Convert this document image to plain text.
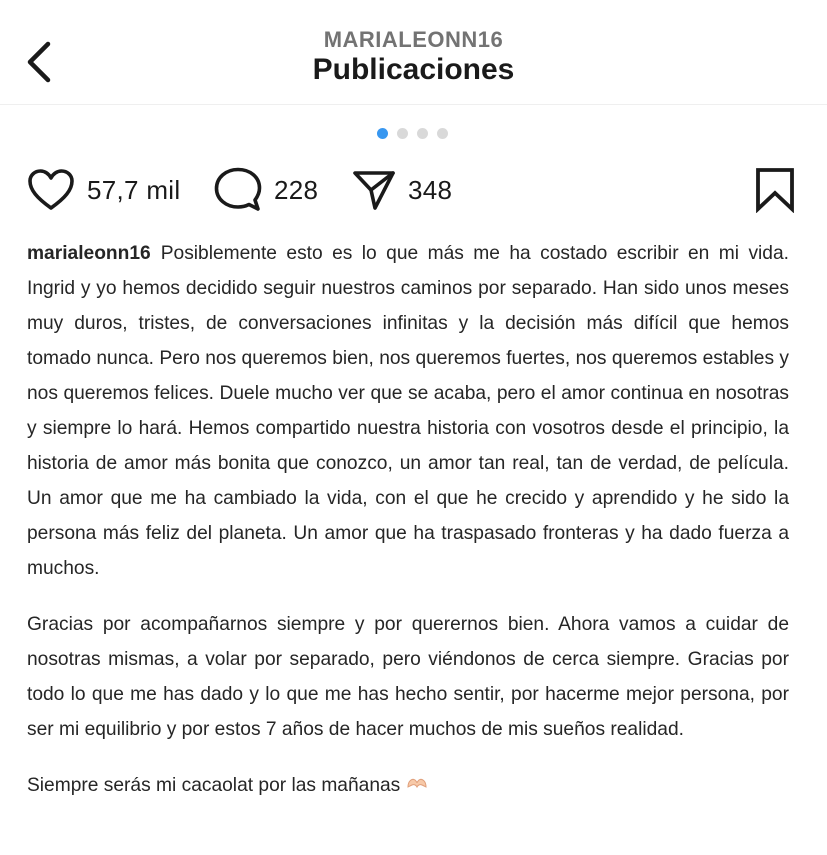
MARIALEONN16
Publicaciones
57,7 mil	228	348

marialeonn16 Posiblemente esto es lo que más me ha costado escribir en mi vida. Ingrid y yo hemos decidido seguir nuestros caminos por separado. Han sido unos meses muy duros, tristes, de conversaciones infinitas y la decisión más difícil que hemos tomado nunca. Pero nos queremos bien, nos queremos fuertes, nos queremos estables y nos queremos felices. Duele mucho ver que se acaba, pero el amor continua en nosotras y siempre lo hará. Hemos compartido nuestra historia con vosotros desde el principio, la historia de amor más bonita que conozco, un amor tan real, tan de verdad, de película. Un amor que me ha cambiado la vida, con el que he crecido y aprendido y he sido la persona más feliz del planeta. Un amor que ha traspasado fronteras y ha dado fuerza a muchos.

Gracias por acompañarnos siempre y por querernos bien. Ahora vamos a cuidar de nosotras mismas, a volar por separado, pero viéndonos de cerca siempre. Gracias por todo lo que me has dado y lo que me has hecho sentir, por hacerme mejor persona, por ser mi equilibrio y por estos 7 años de hacer muchos de mis sueños realidad.

Siempre serás mi cacaolat por las mañanas
